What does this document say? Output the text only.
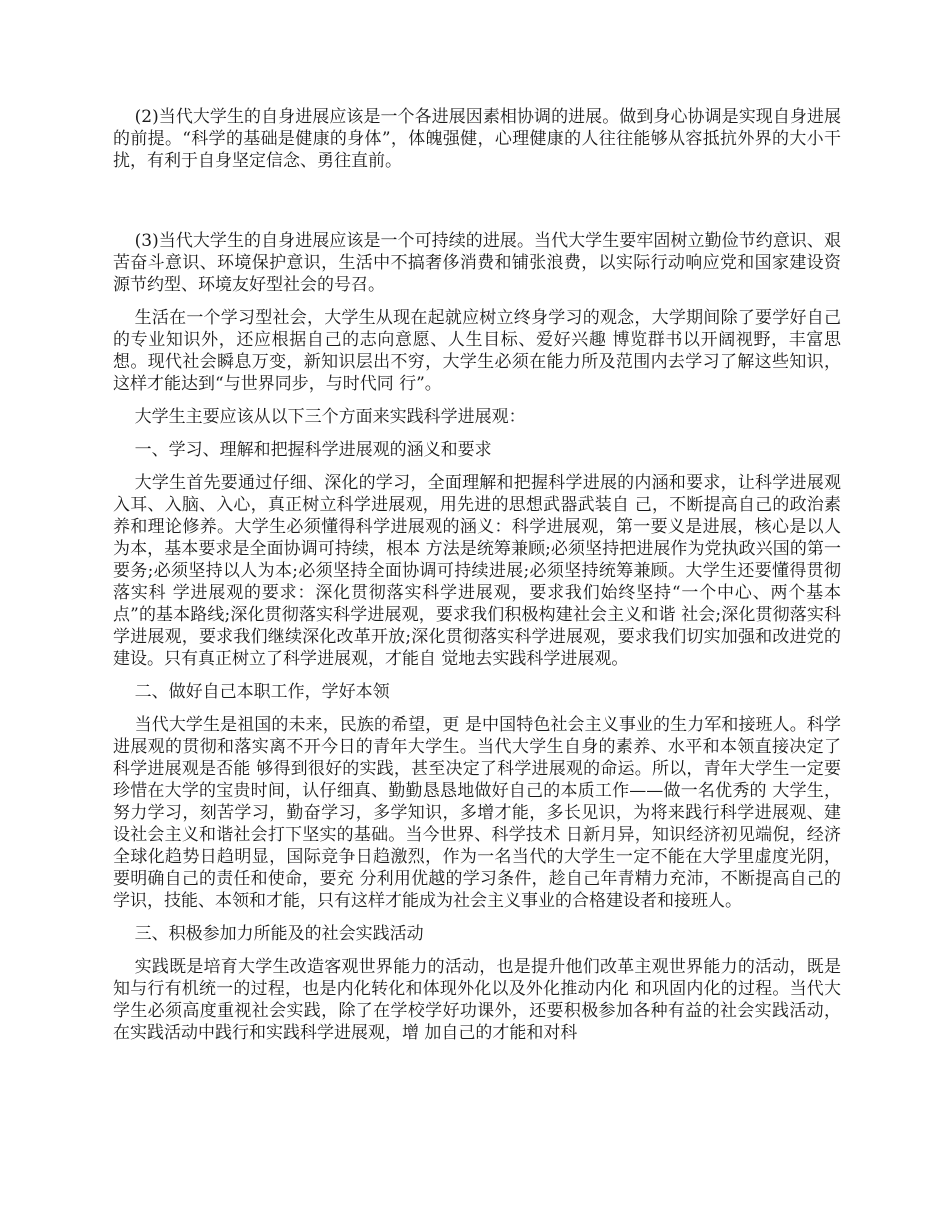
(2)当代大学生的自身进展应该是一个各进展因素相协调的进展。做到身心协调是实现自身进展的前提。“科学的基础是健康的身体”，体魄强健，心理健康的人往往能够从容抵抗外界的大小干扰，有利于自身坚定信念、勇往直前。

(3)当代大学生的自身进展应该是一个可持续的进展。当代大学生要牢固树立勤俭节约意识、艰苦奋斗意识、环境保护意识，生活中不搞奢侈消费和铺张浪费，以实际行动响应党和国家建设资源节约型、环境友好型社会的号召。

生活在一个学习型社会，大学生从现在起就应树立终身学习的观念，大学期间除了要学好自己的专业知识外，还应根据自己的志向意愿、人生目标、爱好兴趣 博览群书以开阔视野，丰富思想。现代社会瞬息万变，新知识层出不穷，大学生必须在能力所及范围内去学习了解这些知识，这样才能达到“与世界同步，与时代同 行”。

大学生主要应该从以下三个方面来实践科学进展观：

一、学习、理解和把握科学进展观的涵义和要求

大学生首先要通过仔细、深化的学习，全面理解和把握科学进展的内涵和要求，让科学进展观入耳、入脑、入心，真正树立科学进展观，用先进的思想武器武装自 己，不断提高自己的政治素养和理论修养。大学生必须懂得科学进展观的涵义：科学进展观，第一要义是进展，核心是以人为本，基本要求是全面协调可持续，根本 方法是统筹兼顾;必须坚持把进展作为党执政兴国的第一要务;必须坚持以人为本;必须坚持全面协调可持续进展;必须坚持统筹兼顾。大学生还要懂得贯彻落实科 学进展观的要求：深化贯彻落实科学进展观，要求我们始终坚持“一个中心、两个基本点”的基本路线;深化贯彻落实科学进展观，要求我们积极构建社会主义和谐 社会;深化贯彻落实科学进展观，要求我们继续深化改革开放;深化贯彻落实科学进展观，要求我们切实加强和改进党的建设。只有真正树立了科学进展观，才能自 觉地去实践科学进展观。

二、做好自己本职工作，学好本领

当代大学生是祖国的未来，民族的希望，更 是中国特色社会主义事业的生力军和接班人。科学进展观的贯彻和落实离不开今日的青年大学生。当代大学生自身的素养、水平和本领直接决定了科学进展观是否能 够得到很好的实践，甚至决定了科学进展观的命运。所以，青年大学生一定要珍惜在大学的宝贵时间，认仔细真、勤勤恳恳地做好自己的本质工作——做一名优秀的 大学生，努力学习，刻苦学习，勤奋学习，多学知识，多增才能，多长见识，为将来践行科学进展观、建设社会主义和谐社会打下坚实的基础。当今世界、科学技术 日新月异，知识经济初见端倪，经济全球化趋势日趋明显，国际竞争日趋激烈，作为一名当代的大学生一定不能在大学里虚度光阴，要明确自己的责任和使命，要充 分利用优越的学习条件，趁自己年青精力充沛，不断提高自己的学识，技能、本领和才能，只有这样才能成为社会主义事业的合格建设者和接班人。

三、积极参加力所能及的社会实践活动

实践既是培育大学生改造客观世界能力的活动，也是提升他们改革主观世界能力的活动，既是知与行有机统一的过程，也是内化转化和体现外化以及外化推动内化 和巩固内化的过程。当代大学生必须高度重视社会实践，除了在学校学好功课外，还要积极参加各种有益的社会实践活动，在实践活动中践行和实践科学进展观，增 加自己的才能和对科
